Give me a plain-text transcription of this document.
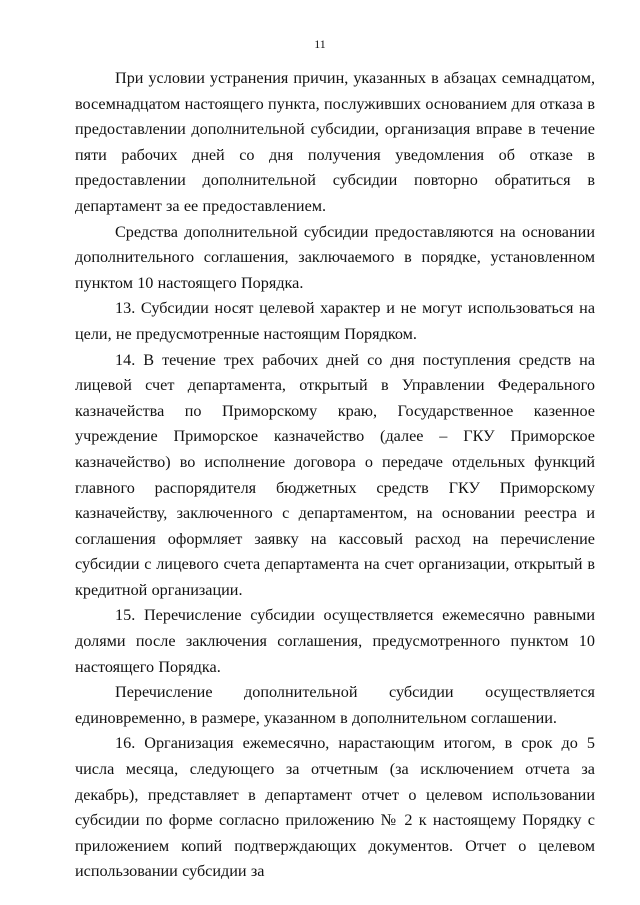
11

При условии устранения причин, указанных в абзацах семнадцатом, восемнадцатом настоящего пункта, послуживших основанием для отказа в предоставлении дополнительной субсидии, организация вправе в течение пяти рабочих дней со дня получения уведомления об отказе в предоставлении дополнительной субсидии повторно обратиться в департамент за ее предоставлением.

Средства дополнительной субсидии предоставляются на основании дополнительного соглашения, заключаемого в порядке, установленном пунктом 10 настоящего Порядка.

13. Субсидии носят целевой характер и не могут использоваться на цели, не предусмотренные настоящим Порядком.

14. В течение трех рабочих дней со дня поступления средств на лицевой счет департамента, открытый в Управлении Федерального казначейства по Приморскому краю, Государственное казенное учреждение Приморское казначейство (далее – ГКУ Приморское казначейство) во исполнение договора о передаче отдельных функций главного распорядителя бюджетных средств ГКУ Приморскому казначейству, заключенного с департаментом, на основании реестра и соглашения оформляет заявку на кассовый расход на перечисление субсидии с лицевого счета департамента на счет организации, открытый в кредитной организации.

15. Перечисление субсидии осуществляется ежемесячно равными долями после заключения соглашения, предусмотренного пунктом 10 настоящего Порядка.

Перечисление дополнительной субсидии осуществляется единовременно, в размере, указанном в дополнительном соглашении.

16. Организация ежемесячно, нарастающим итогом, в срок до 5 числа месяца, следующего за отчетным (за исключением отчета за декабрь), представляет в департамент отчет о целевом использовании субсидии по форме согласно приложению № 2 к настоящему Порядку с приложением копий подтверждающих документов. Отчет о целевом использовании субсидии за
